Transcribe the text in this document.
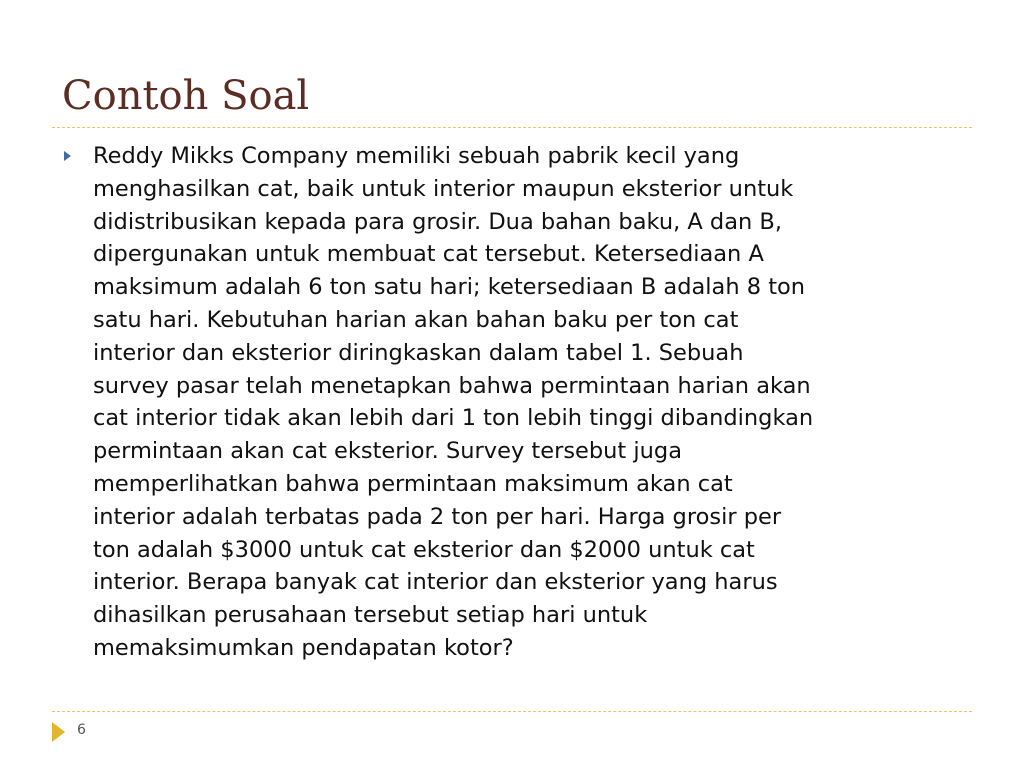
Contoh Soal

Reddy Mikks Company memiliki sebuah pabrik kecil yang
menghasilkan cat, baik untuk interior maupun eksterior untuk
didistribusikan kepada para grosir. Dua bahan baku, A dan B,
dipergunakan untuk membuat cat tersebut. Ketersediaan A
maksimum adalah 6 ton satu hari; ketersediaan B adalah 8 ton
satu hari. Kebutuhan harian akan bahan baku per ton cat
interior dan eksterior diringkaskan dalam tabel 1. Sebuah
survey pasar telah menetapkan bahwa permintaan harian akan
cat interior tidak akan lebih dari 1 ton lebih tinggi dibandingkan
permintaan akan cat eksterior. Survey tersebut juga
memperlihatkan bahwa permintaan maksimum akan cat
interior adalah terbatas pada 2 ton per hari. Harga grosir per
ton adalah $3000 untuk cat eksterior dan $2000 untuk cat
interior. Berapa banyak cat interior dan eksterior yang harus
dihasilkan perusahaan tersebut setiap hari untuk
memaksimumkan pendapatan kotor?

6
